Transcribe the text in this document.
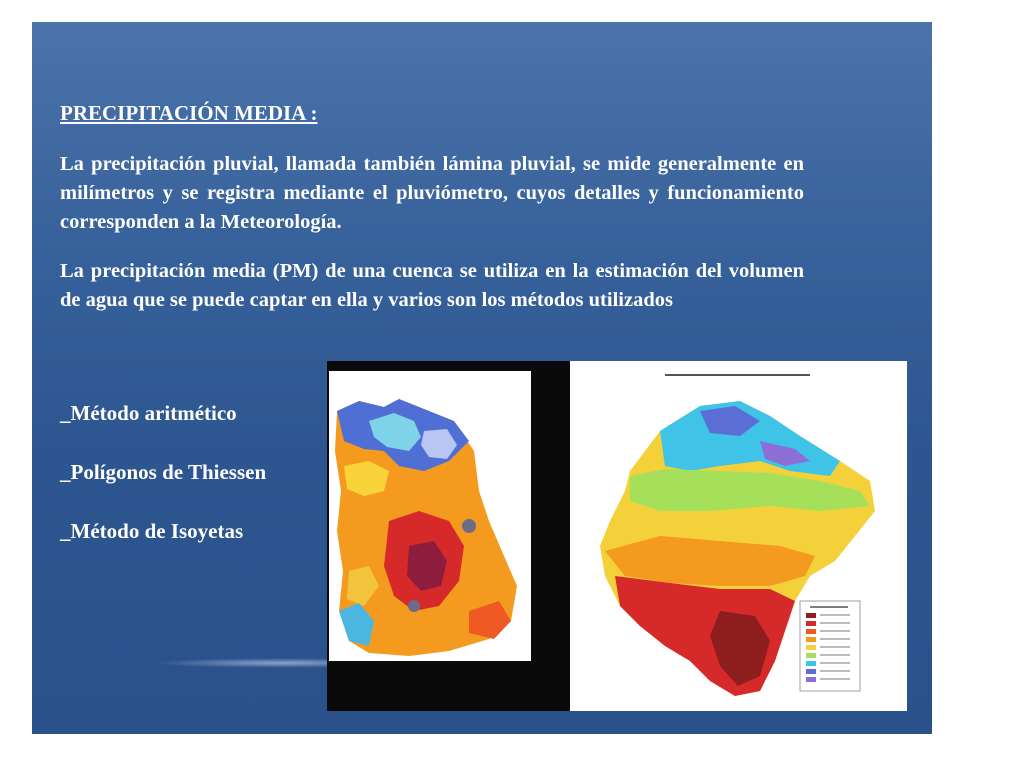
PRECIPITACIÓN MEDIA :

La precipitación pluvial, llamada también lámina pluvial, se mide generalmente en milímetros y se registra mediante el pluviómetro, cuyos detalles y funcionamiento corresponden a la Meteorología.

La precipitación media (PM) de una cuenca se utiliza en la estimación del volumen de agua que se puede captar en ella y varios son los métodos utilizados

_Método aritmético
_Polígonos de Thiessen
_Método de Isoyetas
